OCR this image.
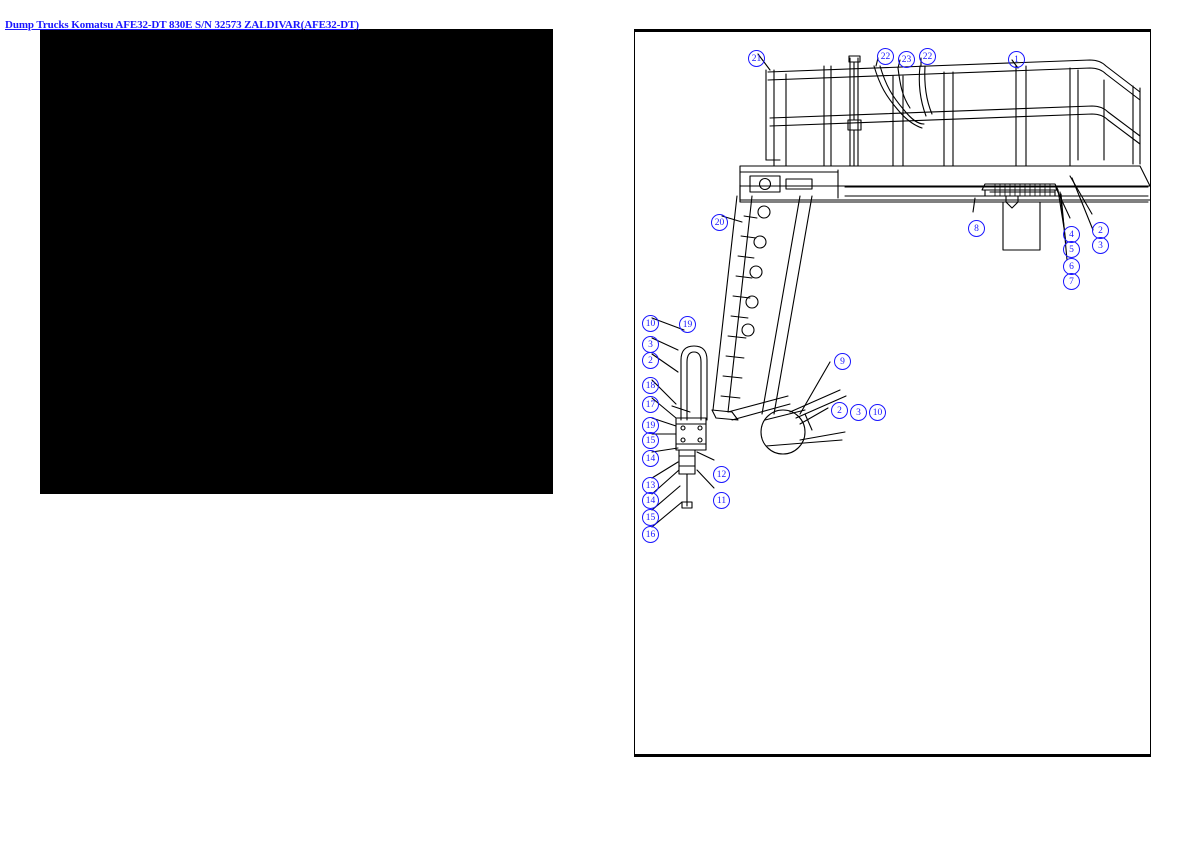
Dump Trucks Komatsu AFE32-DT 830E S/N 32573 ZALDIVAR(AFE32-DT)
manuals-komatsu.com
21	22	23	22	1
20
8
4	2
5	3
6
7
10	19
3
2	9
18
17
2	3	10
19
15
14
12
13
11
14
15
16
